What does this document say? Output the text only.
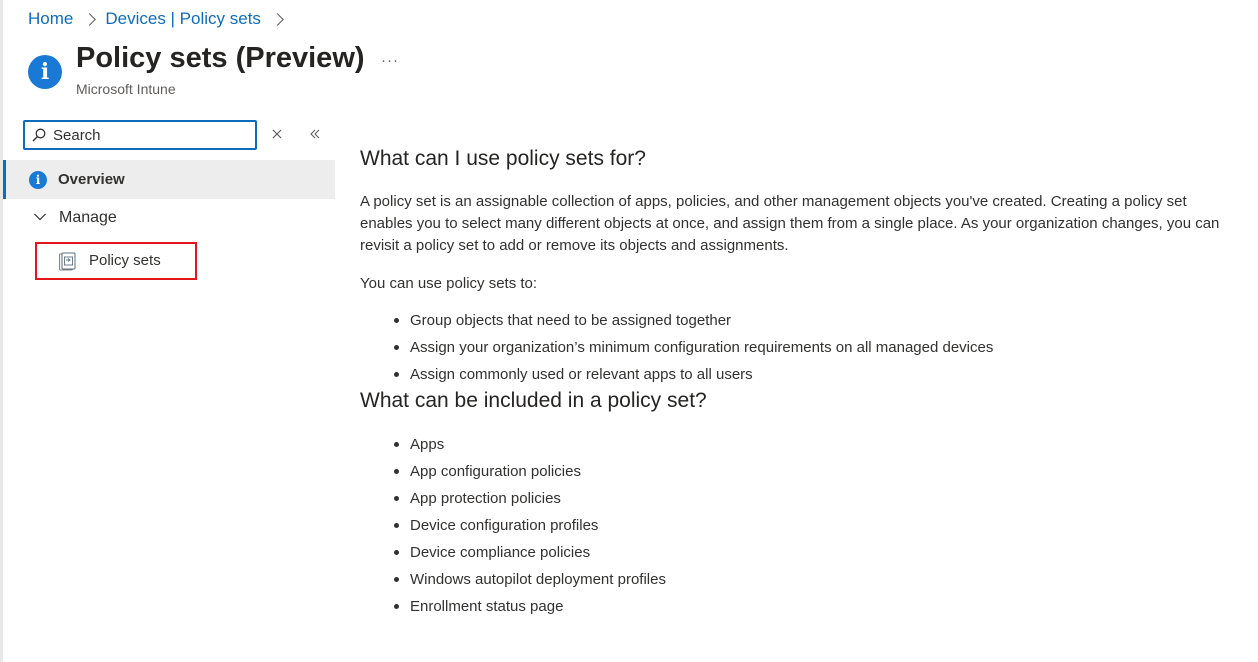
Home Devices | Policy sets
i Policy sets (Preview) ···
Microsoft Intune
Search
i Overview
Manage
Policy sets
What can I use policy sets for?

A policy set is an assignable collection of apps, policies, and other management objects you've created. Creating a policy set enables you to select many different objects at once, and assign them from a single place. As your organization changes, you can revisit a policy set to add or remove its objects and assignments.

You can use policy sets to:

Group objects that need to be assigned together
Assign your organization’s minimum configuration requirements on all managed devices
Assign commonly used or relevant apps to all users
What can be included in a policy set?
Apps
App configuration policies
App protection policies
Device configuration profiles
Device compliance policies
Windows autopilot deployment profiles
Enrollment status page
